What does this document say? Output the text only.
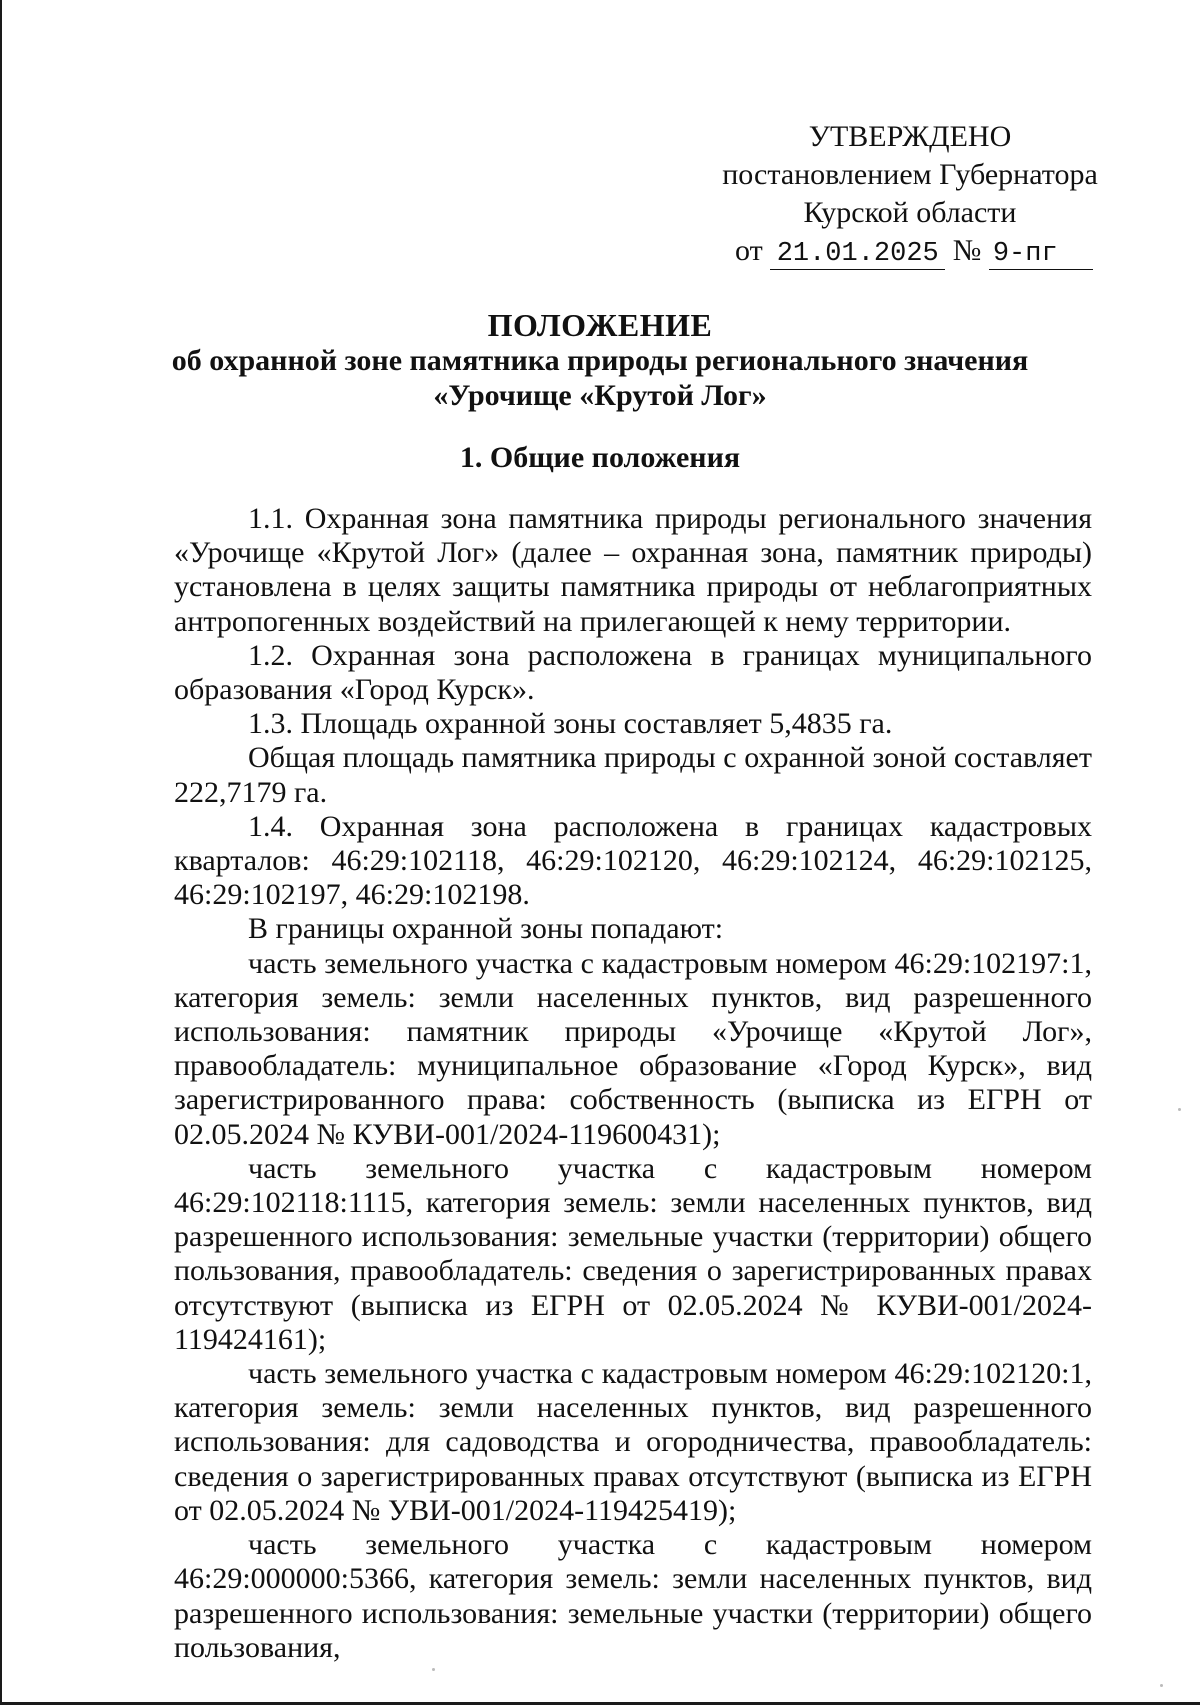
УТВЕРЖДЕНО
постановлением Губернатора
Курской области
от 21.01.2025 № 9-пг
ПОЛОЖЕНИЕ
об охранной зоне памятника природы регионального значения
«Урочище «Крутой Лог»
1. Общие положения

1.1. Охранная зона памятника природы регионального значения «Урочище «Крутой Лог» (далее – охранная зона, памятник природы) установлена в целях защиты памятника природы от неблагоприятных антропогенных воздействий на прилегающей к нему территории.

1.2. Охранная зона расположена в границах муниципального образования «Город Курск».

1.3. Площадь охранной зоны составляет 5,4835 га.

Общая площадь памятника природы с охранной зоной составляет 222,7179 га.

1.4. Охранная зона расположена в границах кадастровых кварталов: 46:29:102118, 46:29:102120, 46:29:102124, 46:29:102125, 46:29:102197, 46:29:102198.

В границы охранной зоны попадают:

часть земельного участка с кадастровым номером 46:29:102197:1, категория земель: земли населенных пунктов, вид разрешенного использования: памятник природы «Урочище «Крутой Лог», правообладатель: муниципальное образование «Город Курск», вид зарегистрированного права: собственность (выписка из ЕГРН от 02.05.2024 № КУВИ-001/2024-119600431);

часть земельного участка с кадастровым номером 46:29:102118:1115, категория земель: земли населенных пунктов, вид разрешенного использования: земельные участки (территории) общего пользования, правообладатель: сведения о зарегистрированных правах отсутствуют (выписка из ЕГРН от 02.05.2024 № КУВИ-001/2024-119424161);

часть земельного участка с кадастровым номером 46:29:102120:1, категория земель: земли населенных пунктов, вид разрешенного использования: для садоводства и огородничества, правообладатель: сведения о зарегистрированных правах отсутствуют (выписка из ЕГРН от 02.05.2024 № УВИ-001/2024-119425419);

часть земельного участка с кадастровым номером 46:29:000000:5366, категория земель: земли населенных пунктов, вид разрешенного использования: земельные участки (территории) общего пользования,
